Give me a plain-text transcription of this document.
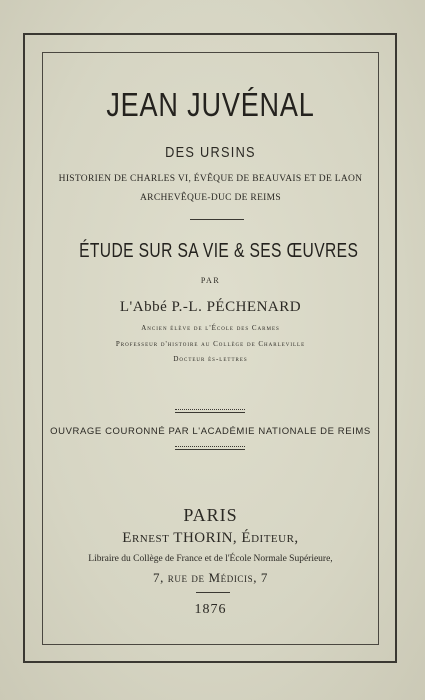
JEAN JUVÉNAL
DES URSINS
HISTORIEN DE CHARLES VI, ÉVÊQUE DE BEAUVAIS ET DE LAON
ARCHEVÊQUE-DUC DE REIMS
ÉTUDE SUR SA VIE & SES ŒUVRES
PAR
L'Abbé P.-L. PÉCHENARD
Ancien élève de l'École des Carmes
Professeur d'histoire au Collège de Charleville
Docteur ès-lettres
OUVRAGE COURONNÉ PAR L'ACADÉMIE NATIONALE DE REIMS
PARIS
Ernest THORIN, Éditeur,
Libraire du Collège de France et de l'École Normale Supérieure,
7, rue de Médicis, 7
1876
